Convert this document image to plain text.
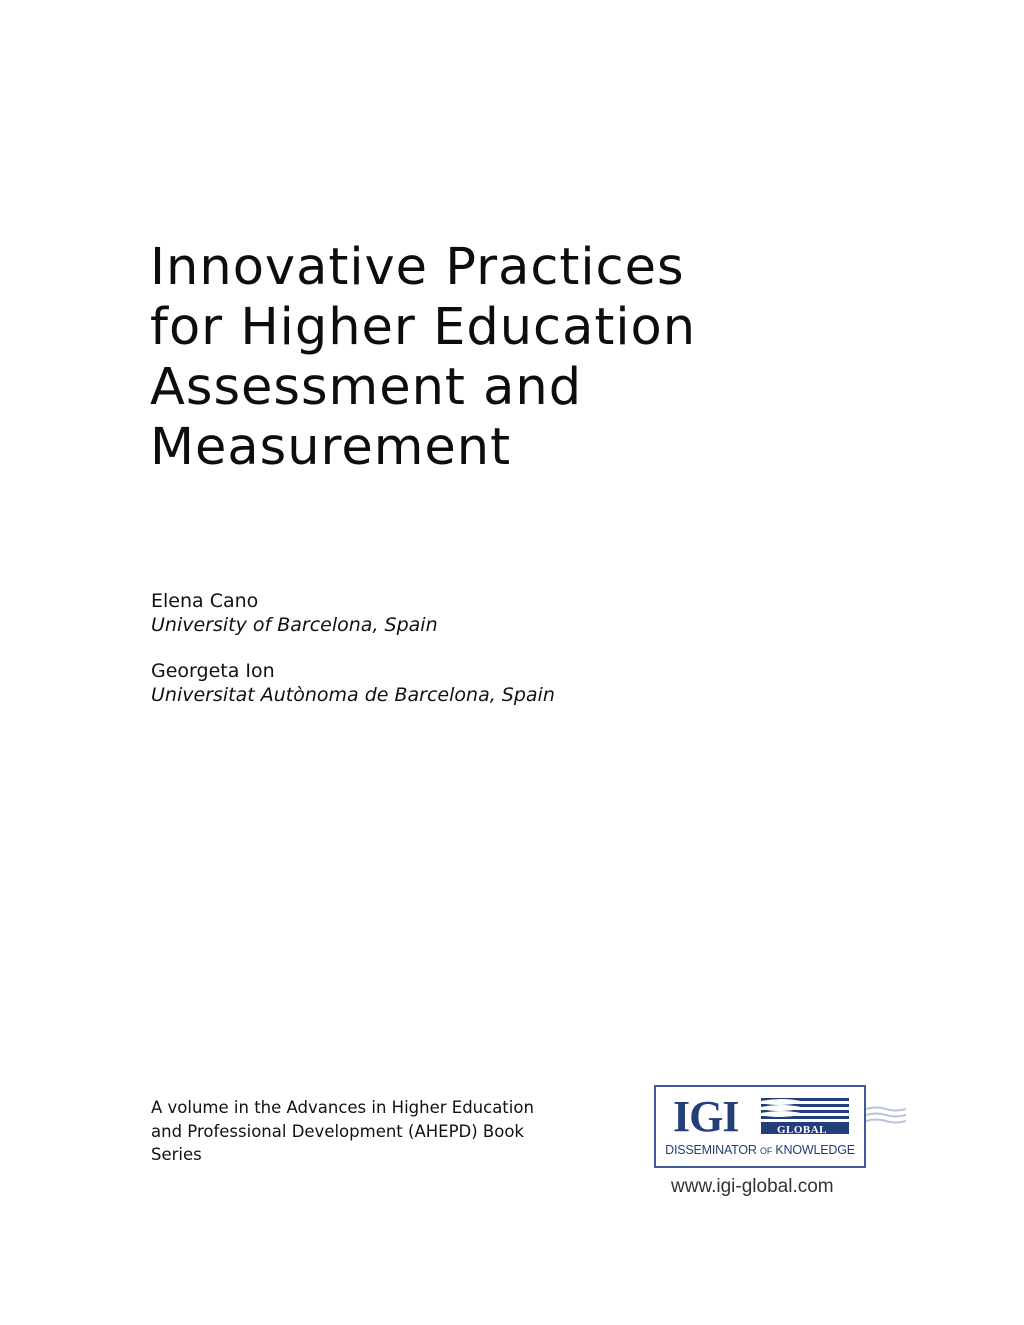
Innovative Practices
for Higher Education
Assessment and
Measurement
Elena Cano
University of Barcelona, Spain
Georgeta Ion
Universitat Autònoma de Barcelona, Spain
A volume in the Advances in Higher Education
and Professional Development (AHEPD) Book
Series
IGI	GLOBAL
DISSEMINATOR OF KNOWLEDGE
www.igi-global.com
